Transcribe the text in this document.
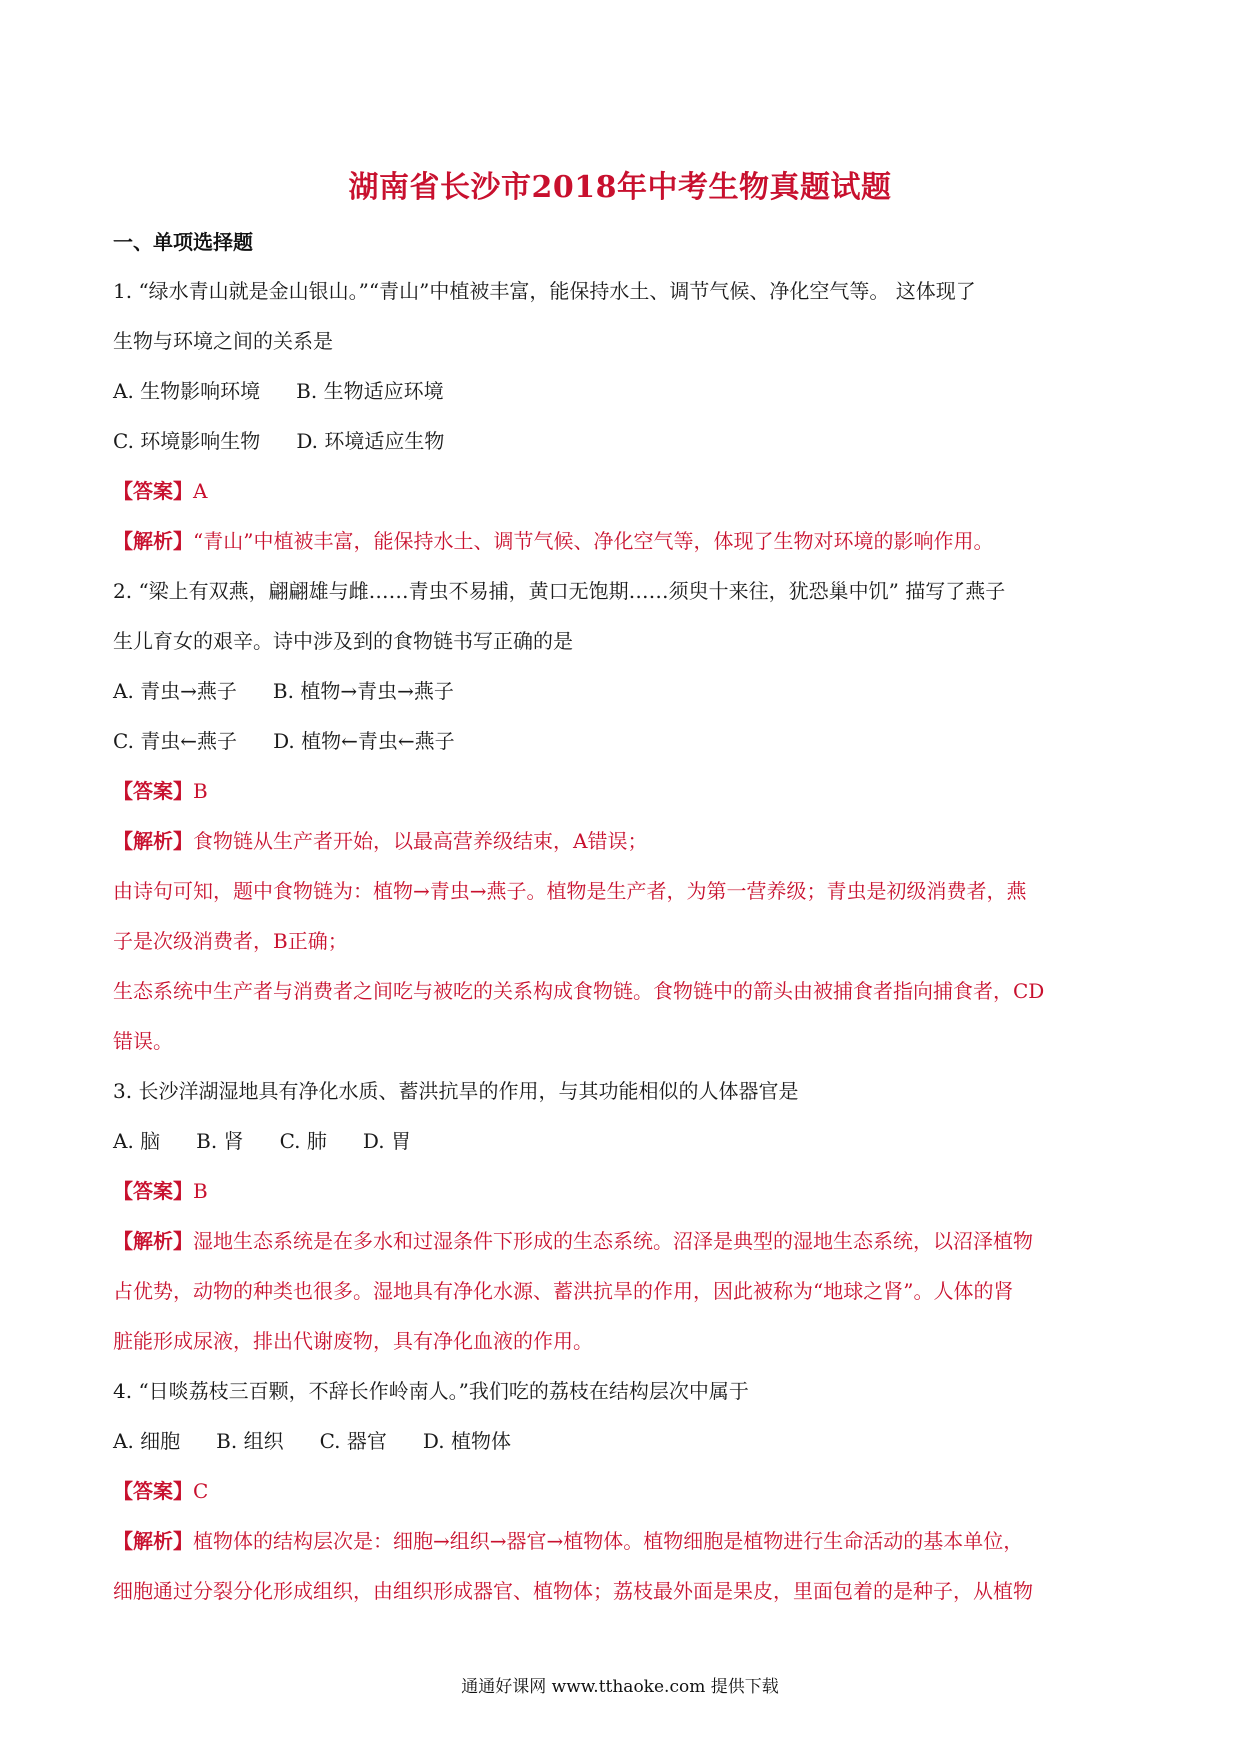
湖南省长沙市2018年中考生物真题试题
一、单项选择题
1. “绿水青山就是金山银山。”“青山”中植被丰富，能保持水土、调节气候、净化空气等。 这体现了
生物与环境之间的关系是
A. 生物影响环境 B. 生物适应环境
C. 环境影响生物 D. 环境适应生物
【答案】A
【解析】“青山”中植被丰富，能保持水土、调节气候、净化空气等，体现了生物对环境的影响作用。
2. “梁上有双燕，翩翩雄与雌……青虫不易捕，黄口无饱期……须臾十来往，犹恐巢中饥” 描写了燕子
生儿育女的艰辛。诗中涉及到的食物链书写正确的是
A. 青虫→燕子 B. 植物→青虫→燕子
C. 青虫←燕子 D. 植物←青虫←燕子
【答案】B
【解析】食物链从生产者开始，以最高营养级结束，A错误；
由诗句可知，题中食物链为：植物→青虫→燕子。植物是生产者，为第一营养级；青虫是初级消费者，燕
子是次级消费者，B正确；
生态系统中生产者与消费者之间吃与被吃的关系构成食物链。食物链中的箭头由被捕食者指向捕食者，CD
错误。
3. 长沙洋湖湿地具有净化水质、蓄洪抗旱的作用，与其功能相似的人体器官是
A. 脑 B. 肾 C. 肺 D. 胃
【答案】B
【解析】湿地生态系统是在多水和过湿条件下形成的生态系统。沼泽是典型的湿地生态系统，以沼泽植物
占优势，动物的种类也很多。湿地具有净化水源、蓄洪抗旱的作用，因此被称为“地球之肾”。人体的肾
脏能形成尿液，排出代谢废物，具有净化血液的作用。
4. “日啖荔枝三百颗，不辞长作岭南人。”我们吃的荔枝在结构层次中属于
A. 细胞 B. 组织 C. 器官 D. 植物体
【答案】C
【解析】植物体的结构层次是：细胞→组织→器官→植物体。植物细胞是植物进行生命活动的基本单位，
细胞通过分裂分化形成组织，由组织形成器官、植物体；荔枝最外面是果皮，里面包着的是种子，从植物
通通好课网 www.tthaoke.com 提供下载
